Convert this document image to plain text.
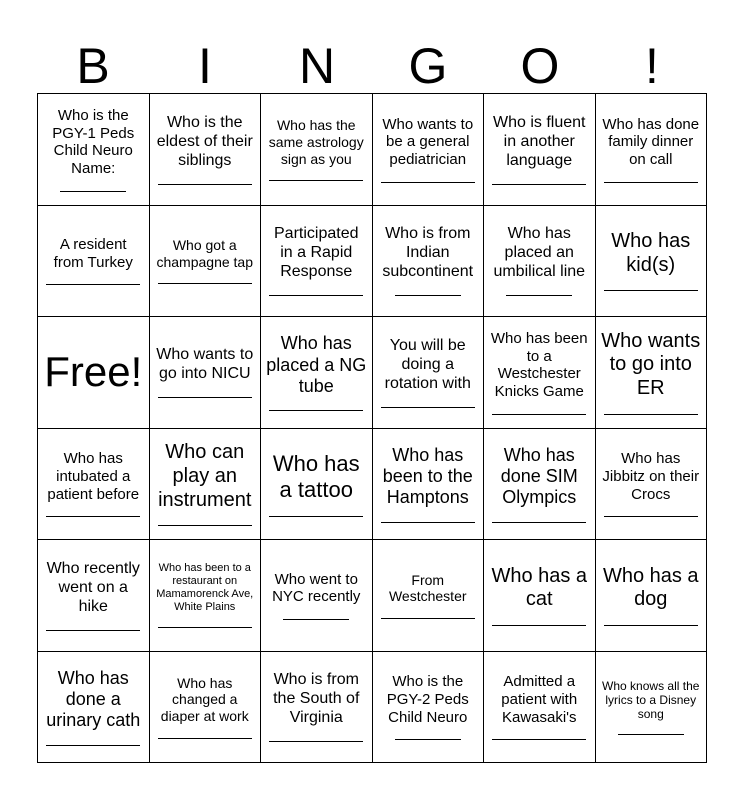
B	I	N	G	O	!
Who is the PGY-1 Peds Child Neuro Name:
Who is the eldest of their siblings
Who has the same astrology sign as you
Who wants to be a general pediatrician
Who is fluent in another language
Who has done family dinner on call
A resident from Turkey
Who got a champagne tap
Participated in a Rapid Response
Who is from Indian subcontinent
Who has placed an umbilical line
Who has kid(s)
Free! Who wants to go into NICU
Who has placed a NG tube
You will be doing a rotation with
Who has been to a Westchester Knicks Game
Who wants to go into ER
Who has intubated a patient before
Who can play an instrument
Who has a tattoo
Who has been to the Hamptons
Who has done SIM Olympics
Who has Jibbitz on their Crocs
Who recently went on a hike
Who has been to a restaurant on Mamamorenck Ave, White Plains
Who went to NYC recently
From Westchester
Who has a cat
Who has a dog
Who has done a urinary cath
Who has changed a diaper at work
Who is from the South of Virginia
Who is the PGY-2 Peds Child Neuro
Admitted a patient with Kawasaki's
Who knows all the lyrics to a Disney song
